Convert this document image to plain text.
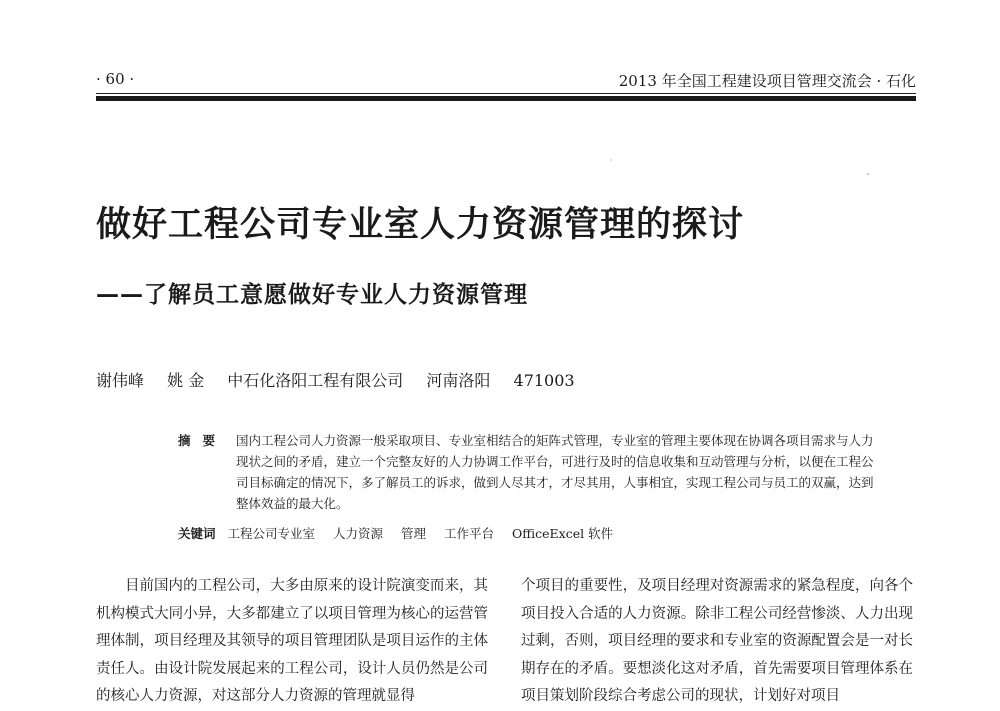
· 60 ·	2013 年全国工程建设项目管理交流会 · 石化
做好工程公司专业室人力资源管理的探讨
——了解员工意愿做好专业人力资源管理
谢伟峰 姚 金 中石化洛阳工程有限公司 河南洛阳 471003
摘要 国内工程公司人力资源一般采取项目、专业室相结合的矩阵式管理，专业室的管理主要体现在协调各项目需求与人力现状之间的矛盾，建立一个完整友好的人力协调工作平台，可进行及时的信息收集和互动管理与分析，以便在工程公司目标确定的情况下，多了解员工的诉求，做到人尽其才，才尽其用，人事相宜，实现工程公司与员工的双赢，达到整体效益的最大化。
关键词 工程公司专业室 人力资源 管理 工作平台 OfficeExcel 软件
目前国内的工程公司，大多由原来的设计院演变而来，其机构模式大同小异，大多都建立了以项目管理为核心的运营管理体制，项目经理及其领导的项目管理团队是项目运作的主体责任人。由设计院发展起来的工程公司，设计人员仍然是公司的核心人力资源，对这部分人力资源的管理就显得
个项目的重要性，及项目经理对资源需求的紧急程度，向各个项目投入合适的人力资源。除非工程公司经营惨淡、人力出现过剩，否则，项目经理的要求和专业室的资源配置会是一对长期存在的矛盾。要想淡化这对矛盾，首先需要项目管理体系在项目策划阶段综合考虑公司的现状，计划好对项目
